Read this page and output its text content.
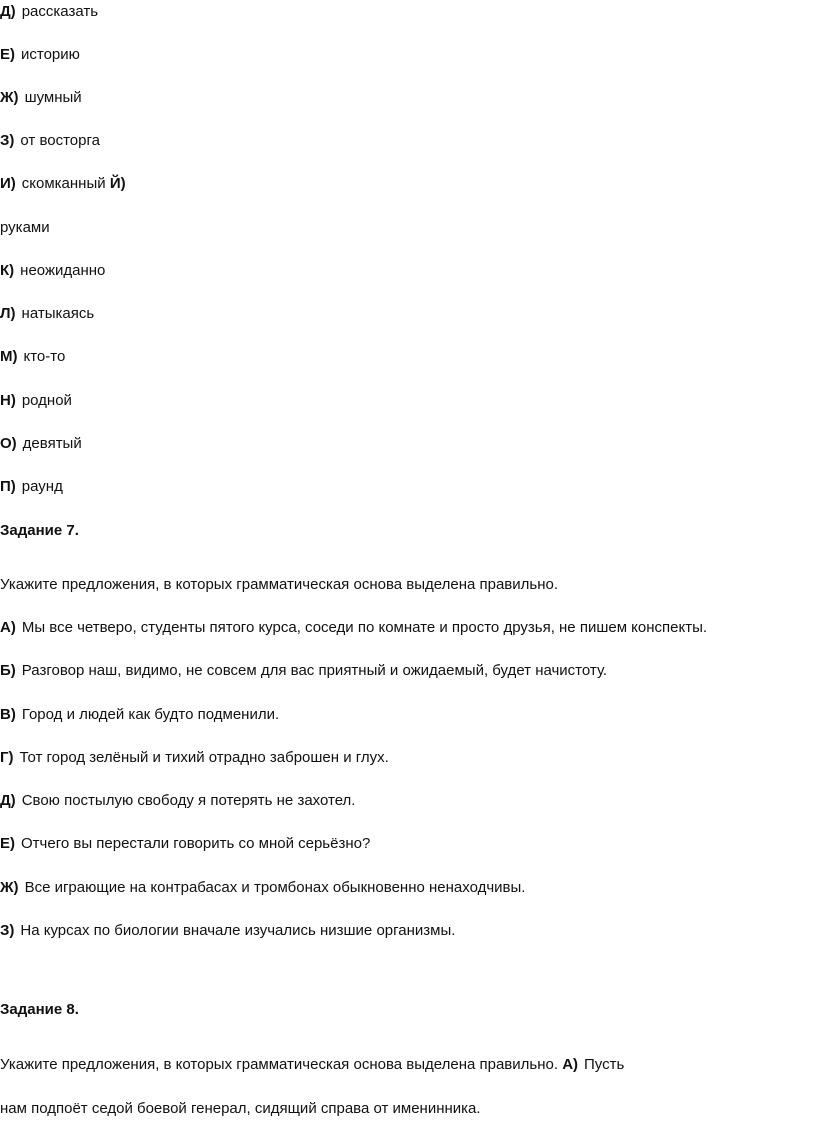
Д) рассказать
Е) историю
Ж) шумный
З) от восторга
И) скомканный Й)
руками
К) неожиданно
Л) натыкаясь
М) кто-то
Н) родной
О) девятый
П) раунд
Задание 7.
Укажите предложения, в которых грамматическая основа выделена правильно.
А) Мы все четверо, студенты пятого курса, соседи по комнате и просто друзья, не пишем конспекты.
Б) Разговор наш, видимо, не совсем для вас приятный и ожидаемый, будет начистоту.
В) Город и людей как будто подменили.
Г) Тот город зелёный и тихий отрадно заброшен и глух.
Д) Свою постылую свободу я потерять не захотел.
Е) Отчего вы перестали говорить со мной серьёзно?
Ж) Все играющие на контрабасах и тромбонах обыкновенно ненаходчивы.
З) На курсах по биологии вначале изучались низшие организмы.
Задание 8.
Укажите предложения, в которых грамматическая основа выделена правильно. А) Пусть
нам подпоёт седой боевой генерал, сидящий справа от именинника.
